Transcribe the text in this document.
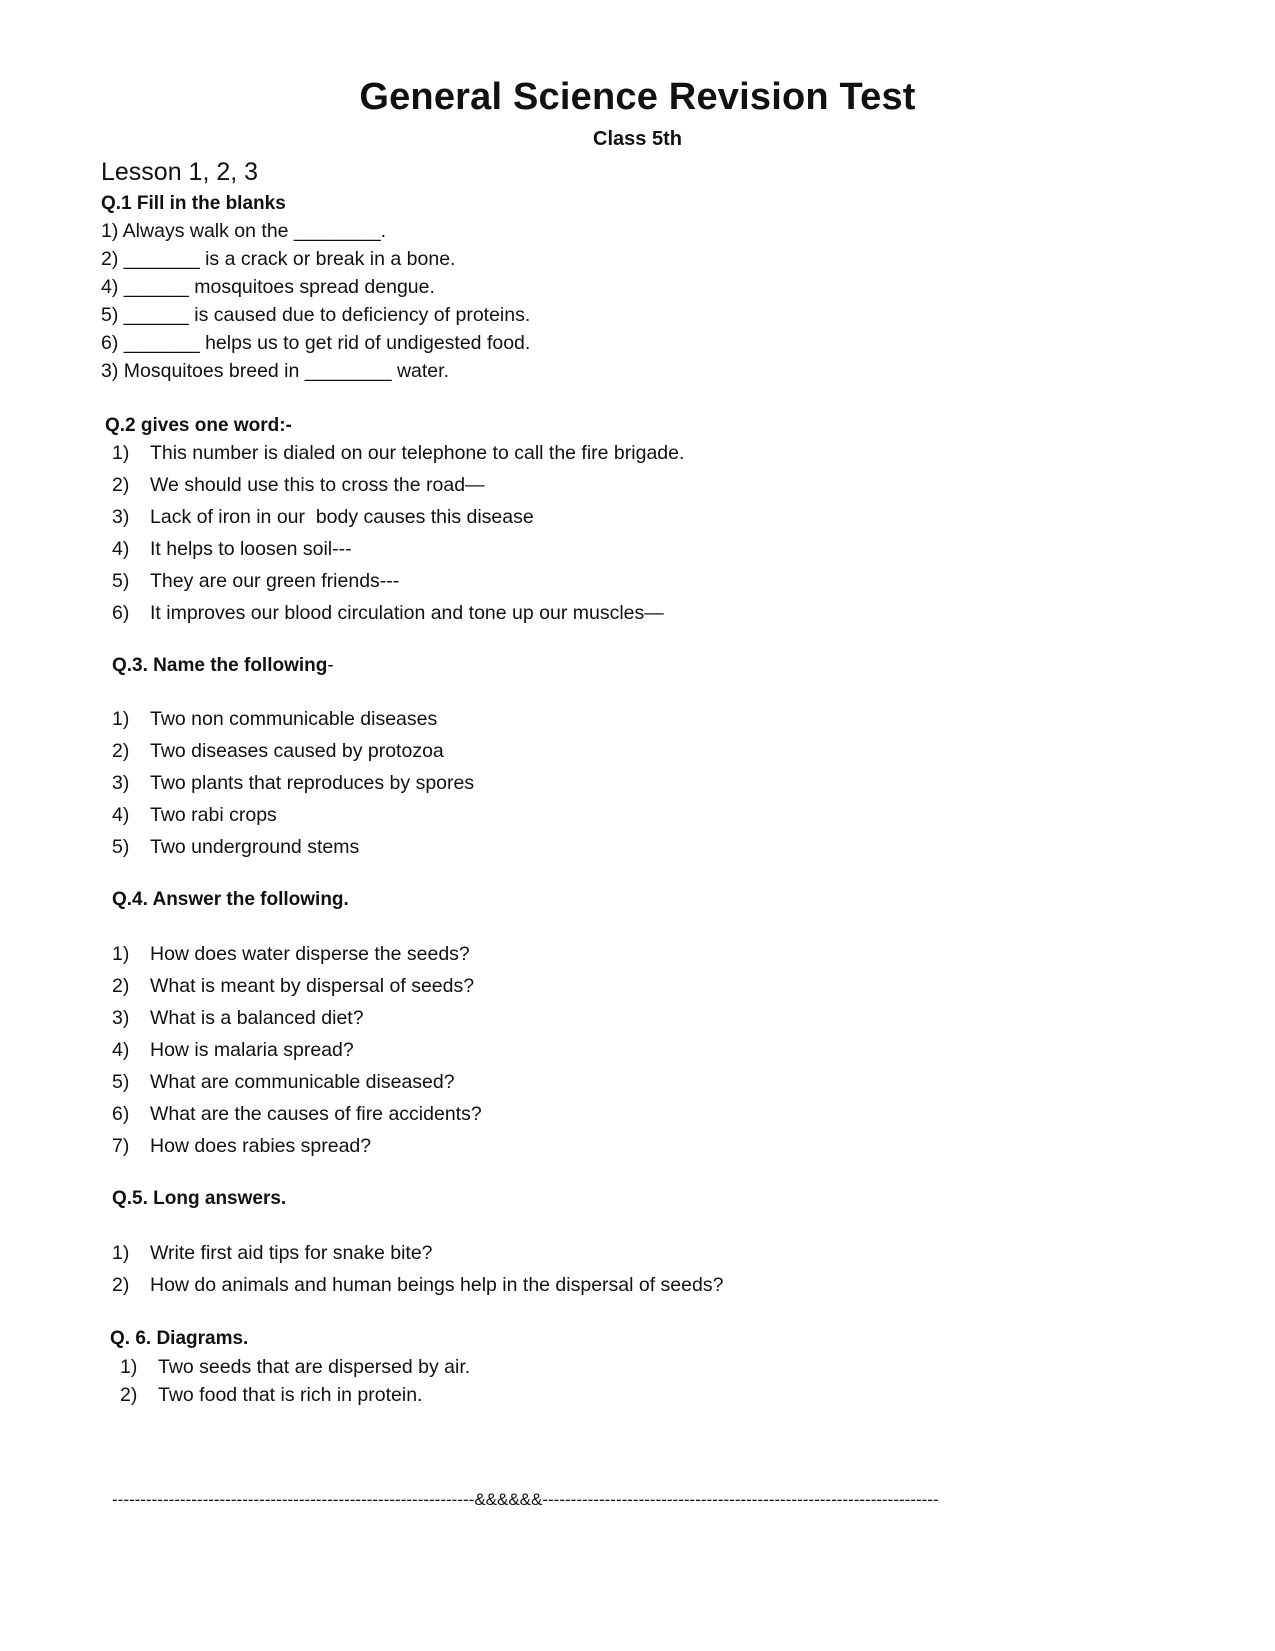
General Science Revision Test
Class 5th
Lesson 1, 2, 3
Q.1 Fill in the blanks
1) Always walk on the ________.
2) _______ is a crack or break in a bone.
4) ______ mosquitoes spread dengue.
5) ______ is caused due to deficiency of proteins.
6) _______ helps us to get rid of undigested food.
3) Mosquitoes breed in ________ water.
Q.2 gives one word:-
1) This number is dialed on our telephone to call the fire brigade.
2) We should use this to cross the road—
3) Lack of iron in our  body causes this disease
4) It helps to loosen soil---
5) They are our green friends---
6) It improves our blood circulation and tone up our muscles—
Q.3. Name the following-
1) Two non communicable diseases
2) Two diseases caused by protozoa
3) Two plants that reproduces by spores
4) Two rabi crops
5) Two underground stems
Q.4. Answer the following.
1) How does water disperse the seeds?
2) What is meant by dispersal of seeds?
3) What is a balanced diet?
4) How is malaria spread?
5) What are communicable diseased?
6) What are the causes of fire accidents?
7) How does rabies spread?
Q.5. Long answers.
1) Write first aid tips for snake bite?
2) How do animals and human beings help in the dispersal of seeds?
Q. 6. Diagrams.
1) Two seeds that are dispersed by air.
2) Two food that is rich in protein.
----------------------------------------------------------------&&&&&&----------------------------------------------------------------------
